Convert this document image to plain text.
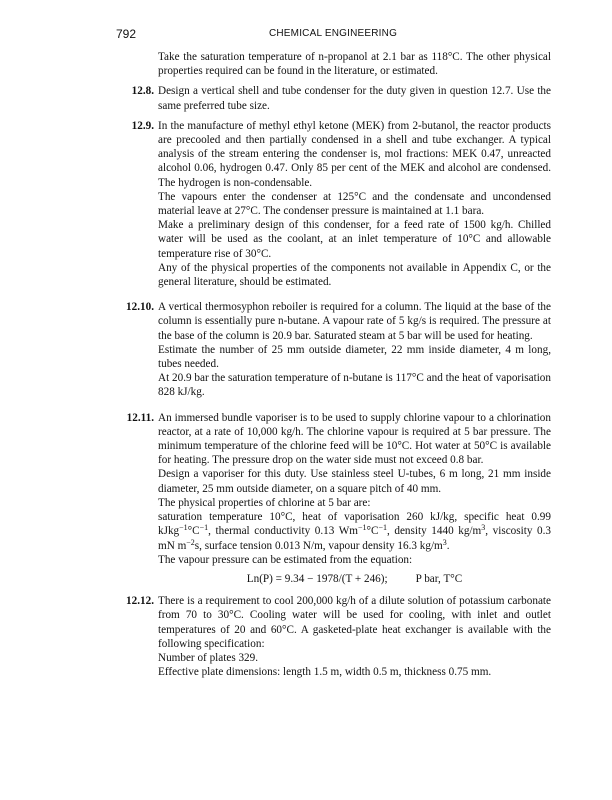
792	CHEMICAL ENGINEERING

Take the saturation temperature of n-propanol at 2.1 bar as 118°C. The other physical properties required can be found in the literature, or estimated.

12.8. Design a vertical shell and tube condenser for the duty given in question 12.7. Use the same preferred tube size.

12.9. In the manufacture of methyl ethyl ketone (MEK) from 2-butanol, the reactor products are precooled and then partially condensed in a shell and tube exchanger. A typical analysis of the stream entering the condenser is, mol fractions: MEK 0.47, unreacted alcohol 0.06, hydrogen 0.47. Only 85 per cent of the MEK and alcohol are condensed. The hydrogen is non-condensable.

The vapours enter the condenser at 125°C and the condensate and uncondensed material leave at 27°C. The condenser pressure is maintained at 1.1 bara.

Make a preliminary design of this condenser, for a feed rate of 1500 kg/h. Chilled water will be used as the coolant, at an inlet temperature of 10°C and allowable temperature rise of 30°C.

Any of the physical properties of the components not available in Appendix C, or the general literature, should be estimated.

12.10. A vertical thermosyphon reboiler is required for a column. The liquid at the base of the column is essentially pure n-butane. A vapour rate of 5 kg/s is required. The pressure at the base of the column is 20.9 bar. Saturated steam at 5 bar will be used for heating.

Estimate the number of 25 mm outside diameter, 22 mm inside diameter, 4 m long, tubes needed.

At 20.9 bar the saturation temperature of n-butane is 117°C and the heat of vaporisation 828 kJ/kg.

12.11. An immersed bundle vaporiser is to be used to supply chlorine vapour to a chlorination reactor, at a rate of 10,000 kg/h. The chlorine vapour is required at 5 bar pressure. The minimum temperature of the chlorine feed will be 10°C. Hot water at 50°C is available for heating. The pressure drop on the water side must not exceed 0.8 bar.

Design a vaporiser for this duty. Use stainless steel U-tubes, 6 m long, 21 mm inside diameter, 25 mm outside diameter, on a square pitch of 40 mm.

The physical properties of chlorine at 5 bar are:

saturation temperature 10°C, heat of vaporisation 260 kJ/kg, specific heat 0.99 $kJkg^{-1}^\circ C^{-1}$, thermal conductivity 0.13 $Wm^{-1}^\circ C^{-1}$, density 1440 $kg/m^3$, viscosity 0.3 mN $m^{-2}s$, surface tension 0.013 N/m, vapour density 16.3 $kg/m^3$.

The vapour pressure can be estimated from the equation:

Ln(P) = 9.34 − 1978/(T + 246);	P bar, T°C
12.12. There is a requirement to cool 200,000 kg/h of a dilute solution of potassium carbonate from 70 to 30°C. Cooling water will be used for cooling, with inlet and outlet temperatures of 20 and 60°C. A gasketed-plate heat exchanger is available with the following specification:

Number of plates 329.

Effective plate dimensions: length 1.5 m, width 0.5 m, thickness 0.75 mm.
